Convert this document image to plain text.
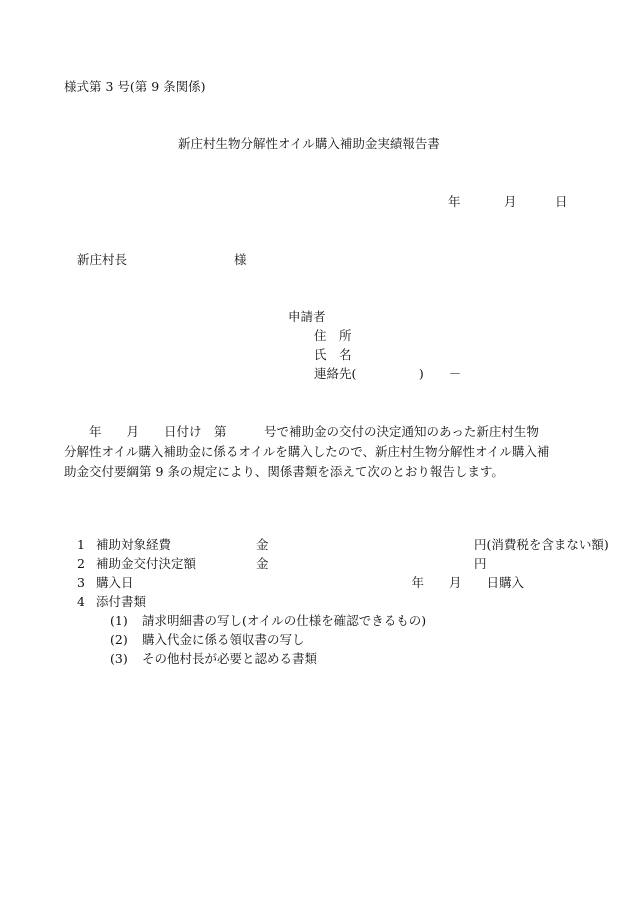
様式第 3 号(第 9 条関係)
新庄村生物分解性オイル購入補助金実績報告書
年	月	日
新庄村長	様
申請者
住　所
氏　名
連絡先(　　　　　)　　－
　　年　　月　　日付け　第　　　号で補助金の交付の決定通知のあった新庄村生物
分解性オイル購入補助金に係るオイルを購入したので、新庄村生物分解性オイル購入補
助金交付要綱第 9 条の規定により、関係書類を添えて次のとおり報告します。
1 補助対象経費	金	　　　　　　円(消費税を含まない額)
2 補助金交付決定額	金	　　　　　　円
3 購入日	　年　　月　　日購入
4 添付書類
(1) 請求明細書の写し(オイルの仕様を確認できるもの)
(2) 購入代金に係る領収書の写し
(3) その他村長が必要と認める書類
